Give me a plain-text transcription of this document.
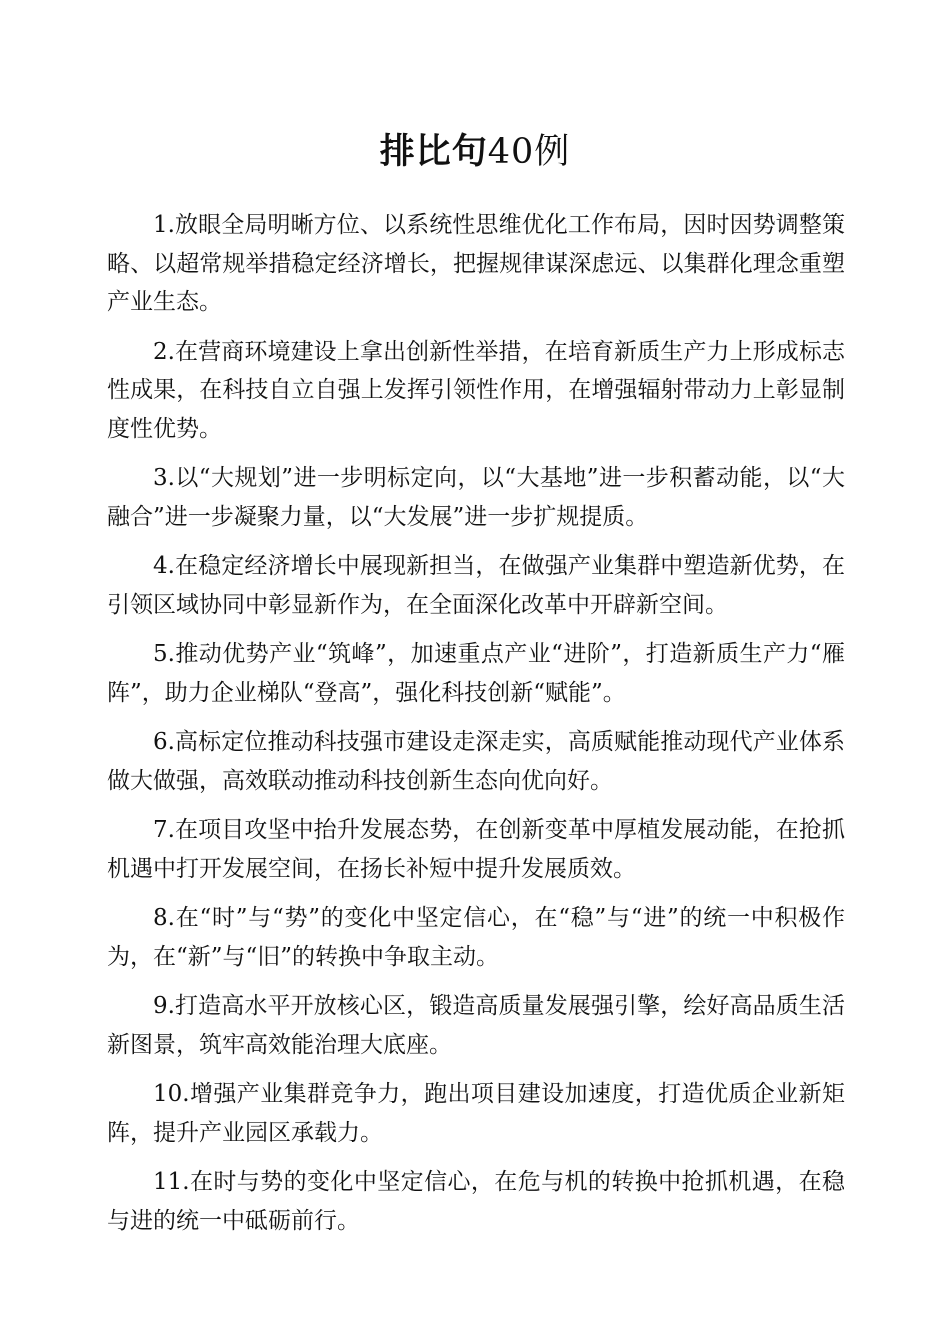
排比句40例

1.放眼全局明晰方位、以系统性思维优化工作布局，因时因势调整策略、以超常规举措稳定经济增长，把握规律谋深虑远、以集群化理念重塑产业生态。

2.在营商环境建设上拿出创新性举措，在培育新质生产力上形成标志性成果，在科技自立自强上发挥引领性作用，在增强辐射带动力上彰显制度性优势。

3.以“大规划”进一步明标定向，以“大基地”进一步积蓄动能，以“大融合”进一步凝聚力量，以“大发展”进一步扩规提质。

4.在稳定经济增长中展现新担当，在做强产业集群中塑造新优势，在引领区域协同中彰显新作为，在全面深化改革中开辟新空间。

5.推动优势产业“筑峰”，加速重点产业“进阶”，打造新质生产力“雁阵”，助力企业梯队“登高”，强化科技创新“赋能”。

6.高标定位推动科技强市建设走深走实，高质赋能推动现代产业体系做大做强，高效联动推动科技创新生态向优向好。

7.在项目攻坚中抬升发展态势，在创新变革中厚植发展动能，在抢抓机遇中打开发展空间，在扬长补短中提升发展质效。

8.在“时”与“势”的变化中坚定信心，在“稳”与“进”的统一中积极作为，在“新”与“旧”的转换中争取主动。

9.打造高水平开放核心区，锻造高质量发展强引擎，绘好高品质生活新图景，筑牢高效能治理大底座。

10.增强产业集群竞争力，跑出项目建设加速度，打造优质企业新矩阵，提升产业园区承载力。

11.在时与势的变化中坚定信心，在危与机的转换中抢抓机遇，在稳与进的统一中砥砺前行。
